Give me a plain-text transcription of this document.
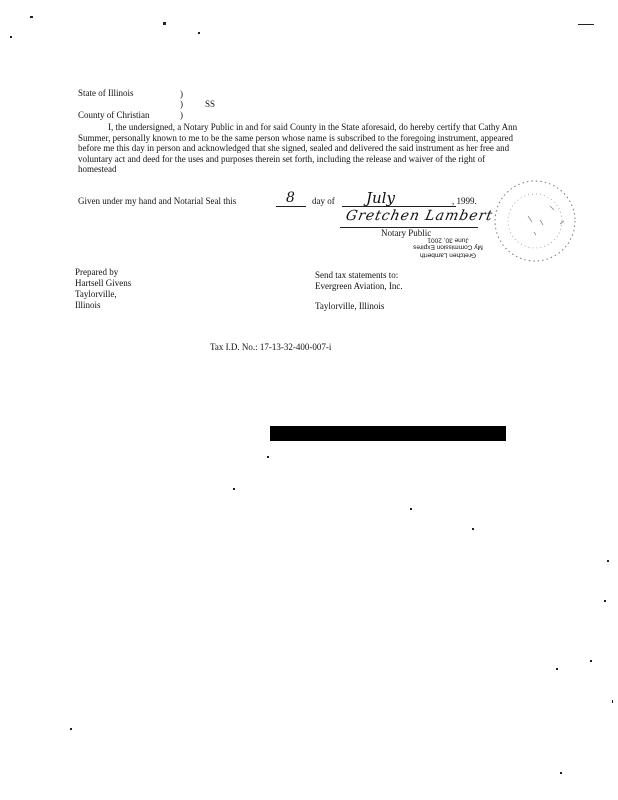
State of Illinois	)
) SS
County of Christian	)
I, the undersigned, a Notary Public in and for said County in the State aforesaid, do hereby certify that Cathy Ann Summer, personally known to me to be the same person whose name is subscribed to the foregoing instrument, appeared before me this day in person and acknowledged that she signed, sealed and delivered the said instrument as her free and voluntary act and deed for the uses and purposes therein set forth, including the release and waiver of the right of homestead
Given under my hand and Notarial Seal this	8 day of July	, 1999.
Gretchen Lambert
Notary Public
Gretchen Lamberth
My Commission Expires
June 30, 2001
Prepared by
Hartsell Givens
Taylorville,
Illinois
Send tax statements to:
Evergreen Aviation, Inc.
Taylorville, Illinois
Tax I.D. No.: 17-13-32-400-007-i
